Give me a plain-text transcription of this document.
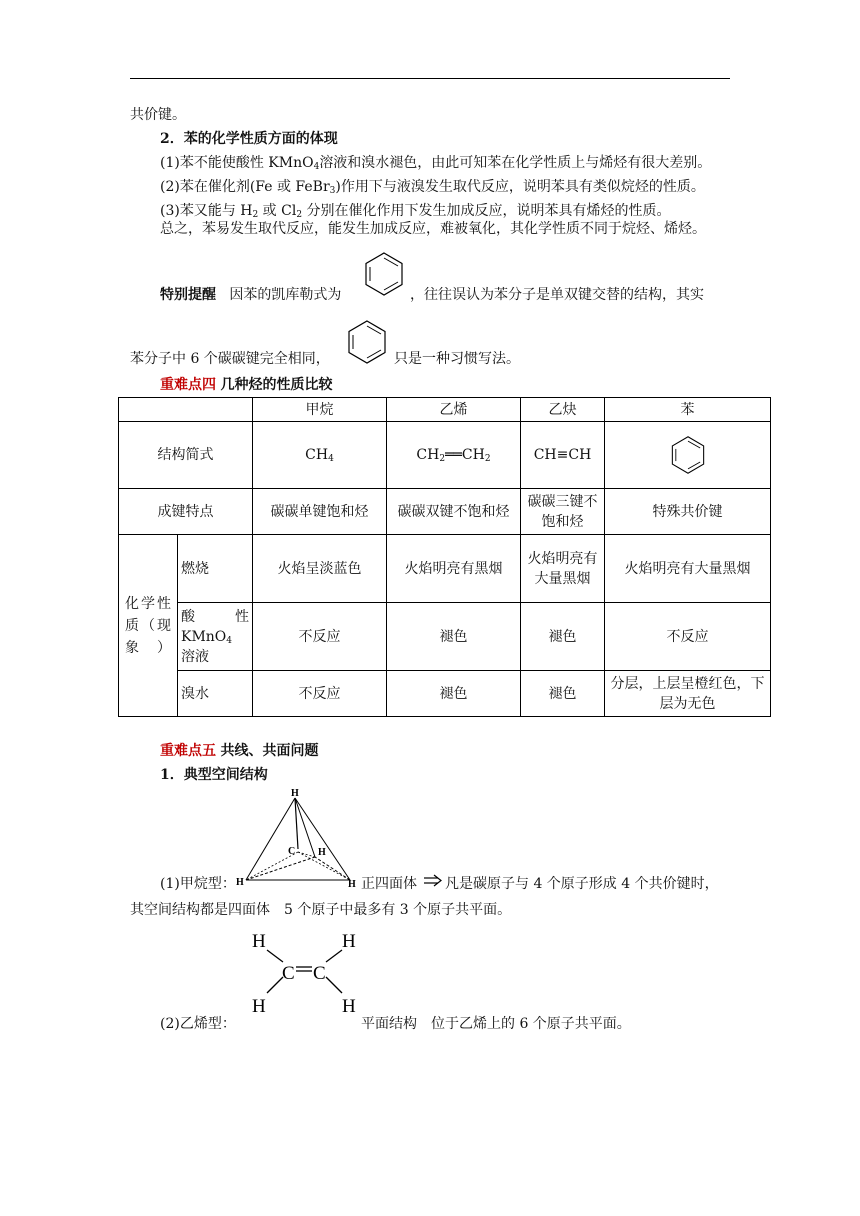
共价键。
2．苯的化学性质方面的体现
(1)苯不能使酸性 KMnO$_4$溶液和溴水褪色，由此可知苯在化学性质上与烯烃有很大差别。
(2)苯在催化剂(Fe 或 FeBr$_3$)作用下与液溴发生取代反应，说明苯具有类似烷烃的性质。
(3)苯又能与 $H_2$ 或 $Cl_2$ 分别在催化作用下发生加成反应，说明苯具有烯烃的性质。
总之，苯易发生取代反应，能发生加成反应，难被氧化，其化学性质不同于烷烃、烯烃。
特别提醒 因苯的凯库勒式为	，往往误认为苯分子是单双键交替的结构，其实
苯分子中 6 个碳碳键完全相同，	只是一种习惯写法。
重难点四 几种烃的性质比较
		甲烷	乙烯	乙炔	苯
结构简式		$CH_4$	$CH_2══CH_2$	CH≡CH	
成键特点		碳碳单键饱和烃	碳碳双键不饱和烃	碳碳三键不饱和烃	特殊共价键
化学性质（现象）	燃烧	火焰呈淡蓝色	火焰明亮有黑烟	火焰明亮有大量黑烟	火焰明亮有大量黑烟

	酸性
KMnO$_4$
溶液	不反应	褪色	褪色	不反应
	溴水	不反应	褪色	褪色	分层，上层呈橙红色，下层为无色
重难点五 共线、共面问题
1．典型空间结构
H
C H
H	H
(1)甲烷型：	正四面体 凡是碳原子与 4 个原子形成 4 个共价键时，
其空间结构都是四面体　5 个原子中最多有 3 个原子共平面。
H	H
H	H
C C
(2)乙烯型：	平面结构　位于乙烯上的 6 个原子共平面。
